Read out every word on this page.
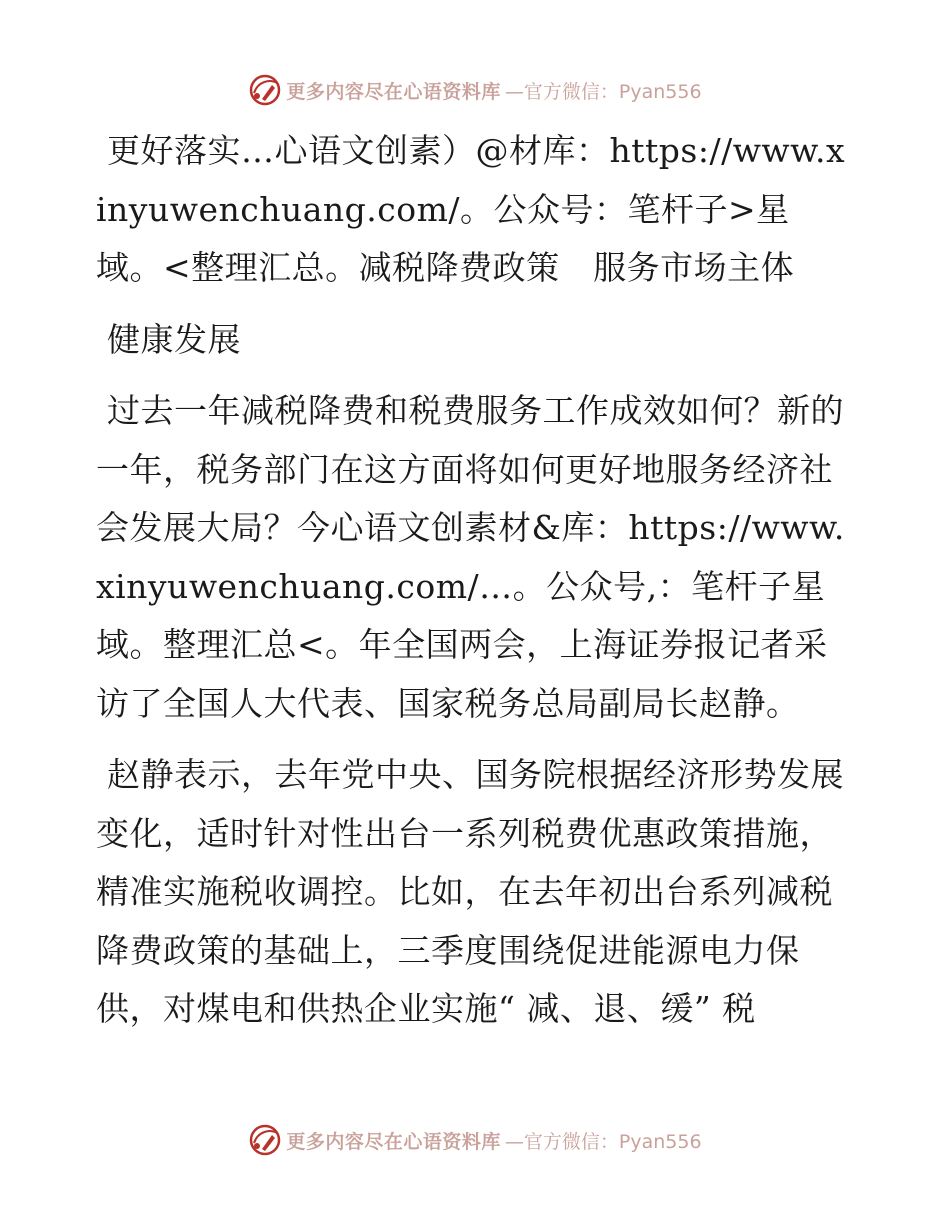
更多内容尽在心语资料库 —官方微信：Pyan556

更好落实…心语文创素）@材库：https://www.xinyuwenchuang.com/。公众号：笔杆子>星域。<整理汇总。减税降费政策　服务市场主体

健康发展

过去一年减税降费和税费服务工作成效如何？新的一年，税务部门在这方面将如何更好地服务经济社会发展大局？今心语文创素材&库：https://www.xinyuwenchuang.com/…。公众号,：笔杆子星域。整理汇总<。年全国两会，上海证券报记者采访了全国人大代表、国家税务总局副局长赵静。

赵静表示，去年党中央、国务院根据经济形势发展变化，适时针对性出台一系列税费优惠政策措施，精准实施税收调控。比如，在去年初出台系列减税降费政策的基础上，三季度围绕促进能源电力保供，对煤电和供热企业实施“ 减、退、缓” 税

更多内容尽在心语资料库 —官方微信：Pyan556
